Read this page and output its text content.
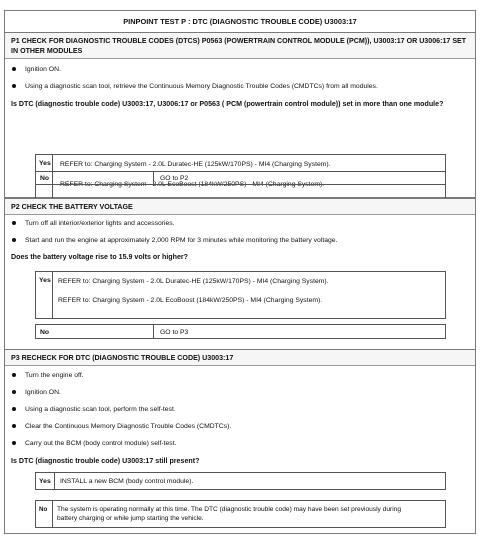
PINPOINT TEST P : DTC (DIAGNOSTIC TROUBLE CODE) U3003:17
P1 CHECK FOR DIAGNOSTIC TROUBLE CODES (DTCS) P0563 (POWERTRAIN CONTROL MODULE (PCM)), U3003:17 OR U3006:17 SET IN OTHER MODULES
Ignition ON.
Using a diagnostic scan tool, retrieve the Continuous Memory Diagnostic Trouble Codes (CMDTCs) from all modules.
Is DTC (diagnostic trouble code) U3003:17, U3006:17 or P0563 ( PCM (powertrain control module)) set in more than one module?
Yes	REFER to: Charging System - 2.0L Duratec-HE (125kW/170PS) - MI4 (Charging System).
REFER to: Charging System - 2.0L EcoBoost (184kW/250PS) - MI4 (Charging System).
No	GO to P2
P2 CHECK THE BATTERY VOLTAGE
Turn off all interior/exterior lights and accessories.
Start and run the engine at approximately 2,000 RPM for 3 minutes while monitoring the battery voltage.
Does the battery voltage rise to 15.9 volts or higher?
Yes	REFER to: Charging System - 2.0L Duratec-HE (125kW/170PS) - MI4 (Charging System).
REFER to: Charging System - 2.0L EcoBoost (184kW/250PS) - MI4 (Charging System).
No	GO to P3
P3 RECHECK FOR DTC (DIAGNOSTIC TROUBLE CODE) U3003:17
Turn the engine off.
Ignition ON.
Using a diagnostic scan tool, perform the self-test.
Clear the Continuous Memory Diagnostic Trouble Codes (CMDTCs).
Carry out the BCM (body control module) self-test.
Is DTC (diagnostic trouble code) U3003:17 still present?
Yes	INSTALL a new BCM (body control module).
No	The system is operating normally at this time. The DTC (diagnostic trouble code) may have been set previously during battery charging or while jump starting the vehicle.
